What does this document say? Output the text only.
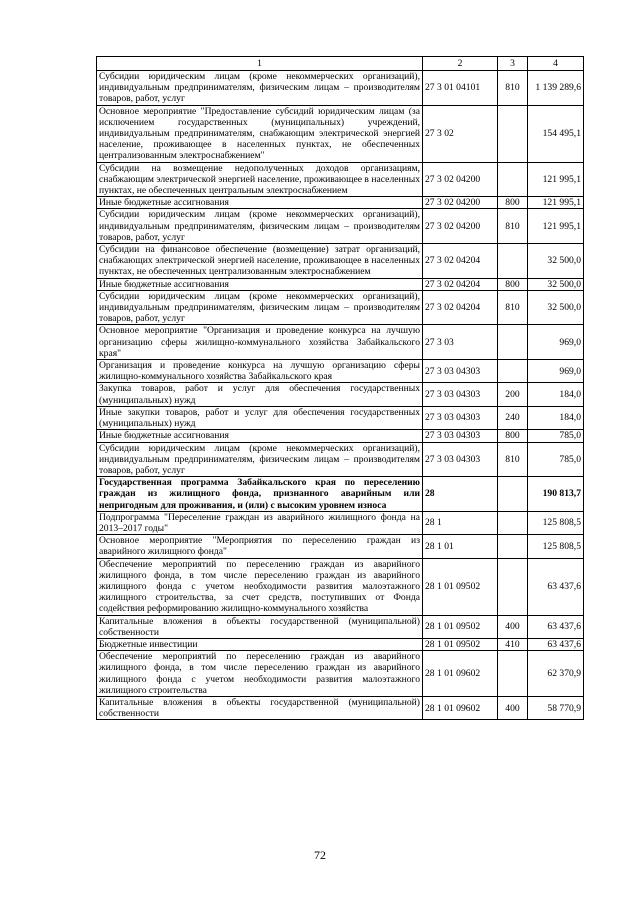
1	2	3	4
Субсидии юридическим лицам (кроме некоммерческих организаций), индивидуальным предпринимателям, физическим лицам – производителям товаров, работ, услуг	27 3 01 04101	810	1 139 289,6
Основное мероприятие "Предоставление субсидий юридическим лицам (за исключением государственных (муниципальных) учреждений, индивидуальным предпринимателям, снабжающим электрической энергией население, проживающее в населенных пунктах, не обеспеченных централизованным электроснабжением"	27 3 02		154 495,1
Субсидии на возмещение недополученных доходов организациям, снабжающим электрической энергией население, проживающее в населенных пунктах, не обеспеченных центральным электроснабжением	27 3 02 04200		121 995,1
Иные бюджетные ассигнования	27 3 02 04200	800	121 995,1
Субсидии юридическим лицам (кроме некоммерческих организаций), индивидуальным предпринимателям, физическим лицам – производителям товаров, работ, услуг	27 3 02 04200	810	121 995,1
Субсидии на финансовое обеспечение (возмещение) затрат организаций, снабжающих электрической энергией население, проживающее в населенных пунктах, не обеспеченных централизованным электроснабжением	27 3 02 04204		32 500,0
Иные бюджетные ассигнования	27 3 02 04204	800	32 500,0
Субсидии юридическим лицам (кроме некоммерческих организаций), индивидуальным предпринимателям, физическим лицам – производителям товаров, работ, услуг	27 3 02 04204	810	32 500,0
Основное мероприятие "Организация и проведение конкурса на лучшую организацию сферы жилищно-коммунального хозяйства Забайкальского края"	27 3 03		969,0
Организация и проведение конкурса на лучшую организацию сферы жилищно-коммунального хозяйства Забайкальского края	27 3 03 04303		969,0
Закупка товаров, работ и услуг для обеспечения государственных (муниципальных) нужд	27 3 03 04303	200	184,0
Иные закупки товаров, работ и услуг для обеспечения государственных (муниципальных) нужд	27 3 03 04303	240	184,0
Иные бюджетные ассигнования	27 3 03 04303	800	785,0
Субсидии юридическим лицам (кроме некоммерческих организаций), индивидуальным предпринимателям, физическим лицам – производителям товаров, работ, услуг	27 3 03 04303	810	785,0
Государственная программа Забайкальского края по переселению граждан из жилищного фонда, признанного аварийным или непригодным для проживания, и (или) с высоким уровнем износа	28		190 813,7
Подпрограмма "Переселение граждан из аварийного жилищного фонда на 2013–2017 годы"	28 1		125 808,5
Основное мероприятие "Мероприятия по переселению граждан из аварийного жилищного фонда"	28 1 01		125 808,5
Обеспечение мероприятий по переселению граждан из аварийного жилищного фонда, в том числе переселению граждан из аварийного жилищного фонда с учетом необходимости развития малоэтажного жилищного строительства, за счет средств, поступивших от Фонда содействия реформированию жилищно-коммунального хозяйства	28 1 01 09502		63 437,6
Капитальные вложения в объекты государственной (муниципальной) собственности	28 1 01 09502	400	63 437,6
Бюджетные инвестиции	28 1 01 09502	410	63 437,6
Обеспечение мероприятий по переселению граждан из аварийного жилищного фонда, в том числе переселению граждан из аварийного жилищного фонда с учетом необходимости развития малоэтажного жилищного строительства	28 1 01 09602		62 370,9
Капитальные вложения в объекты государственной (муниципальной) собственности	28 1 01 09602	400	58 770,9
72
